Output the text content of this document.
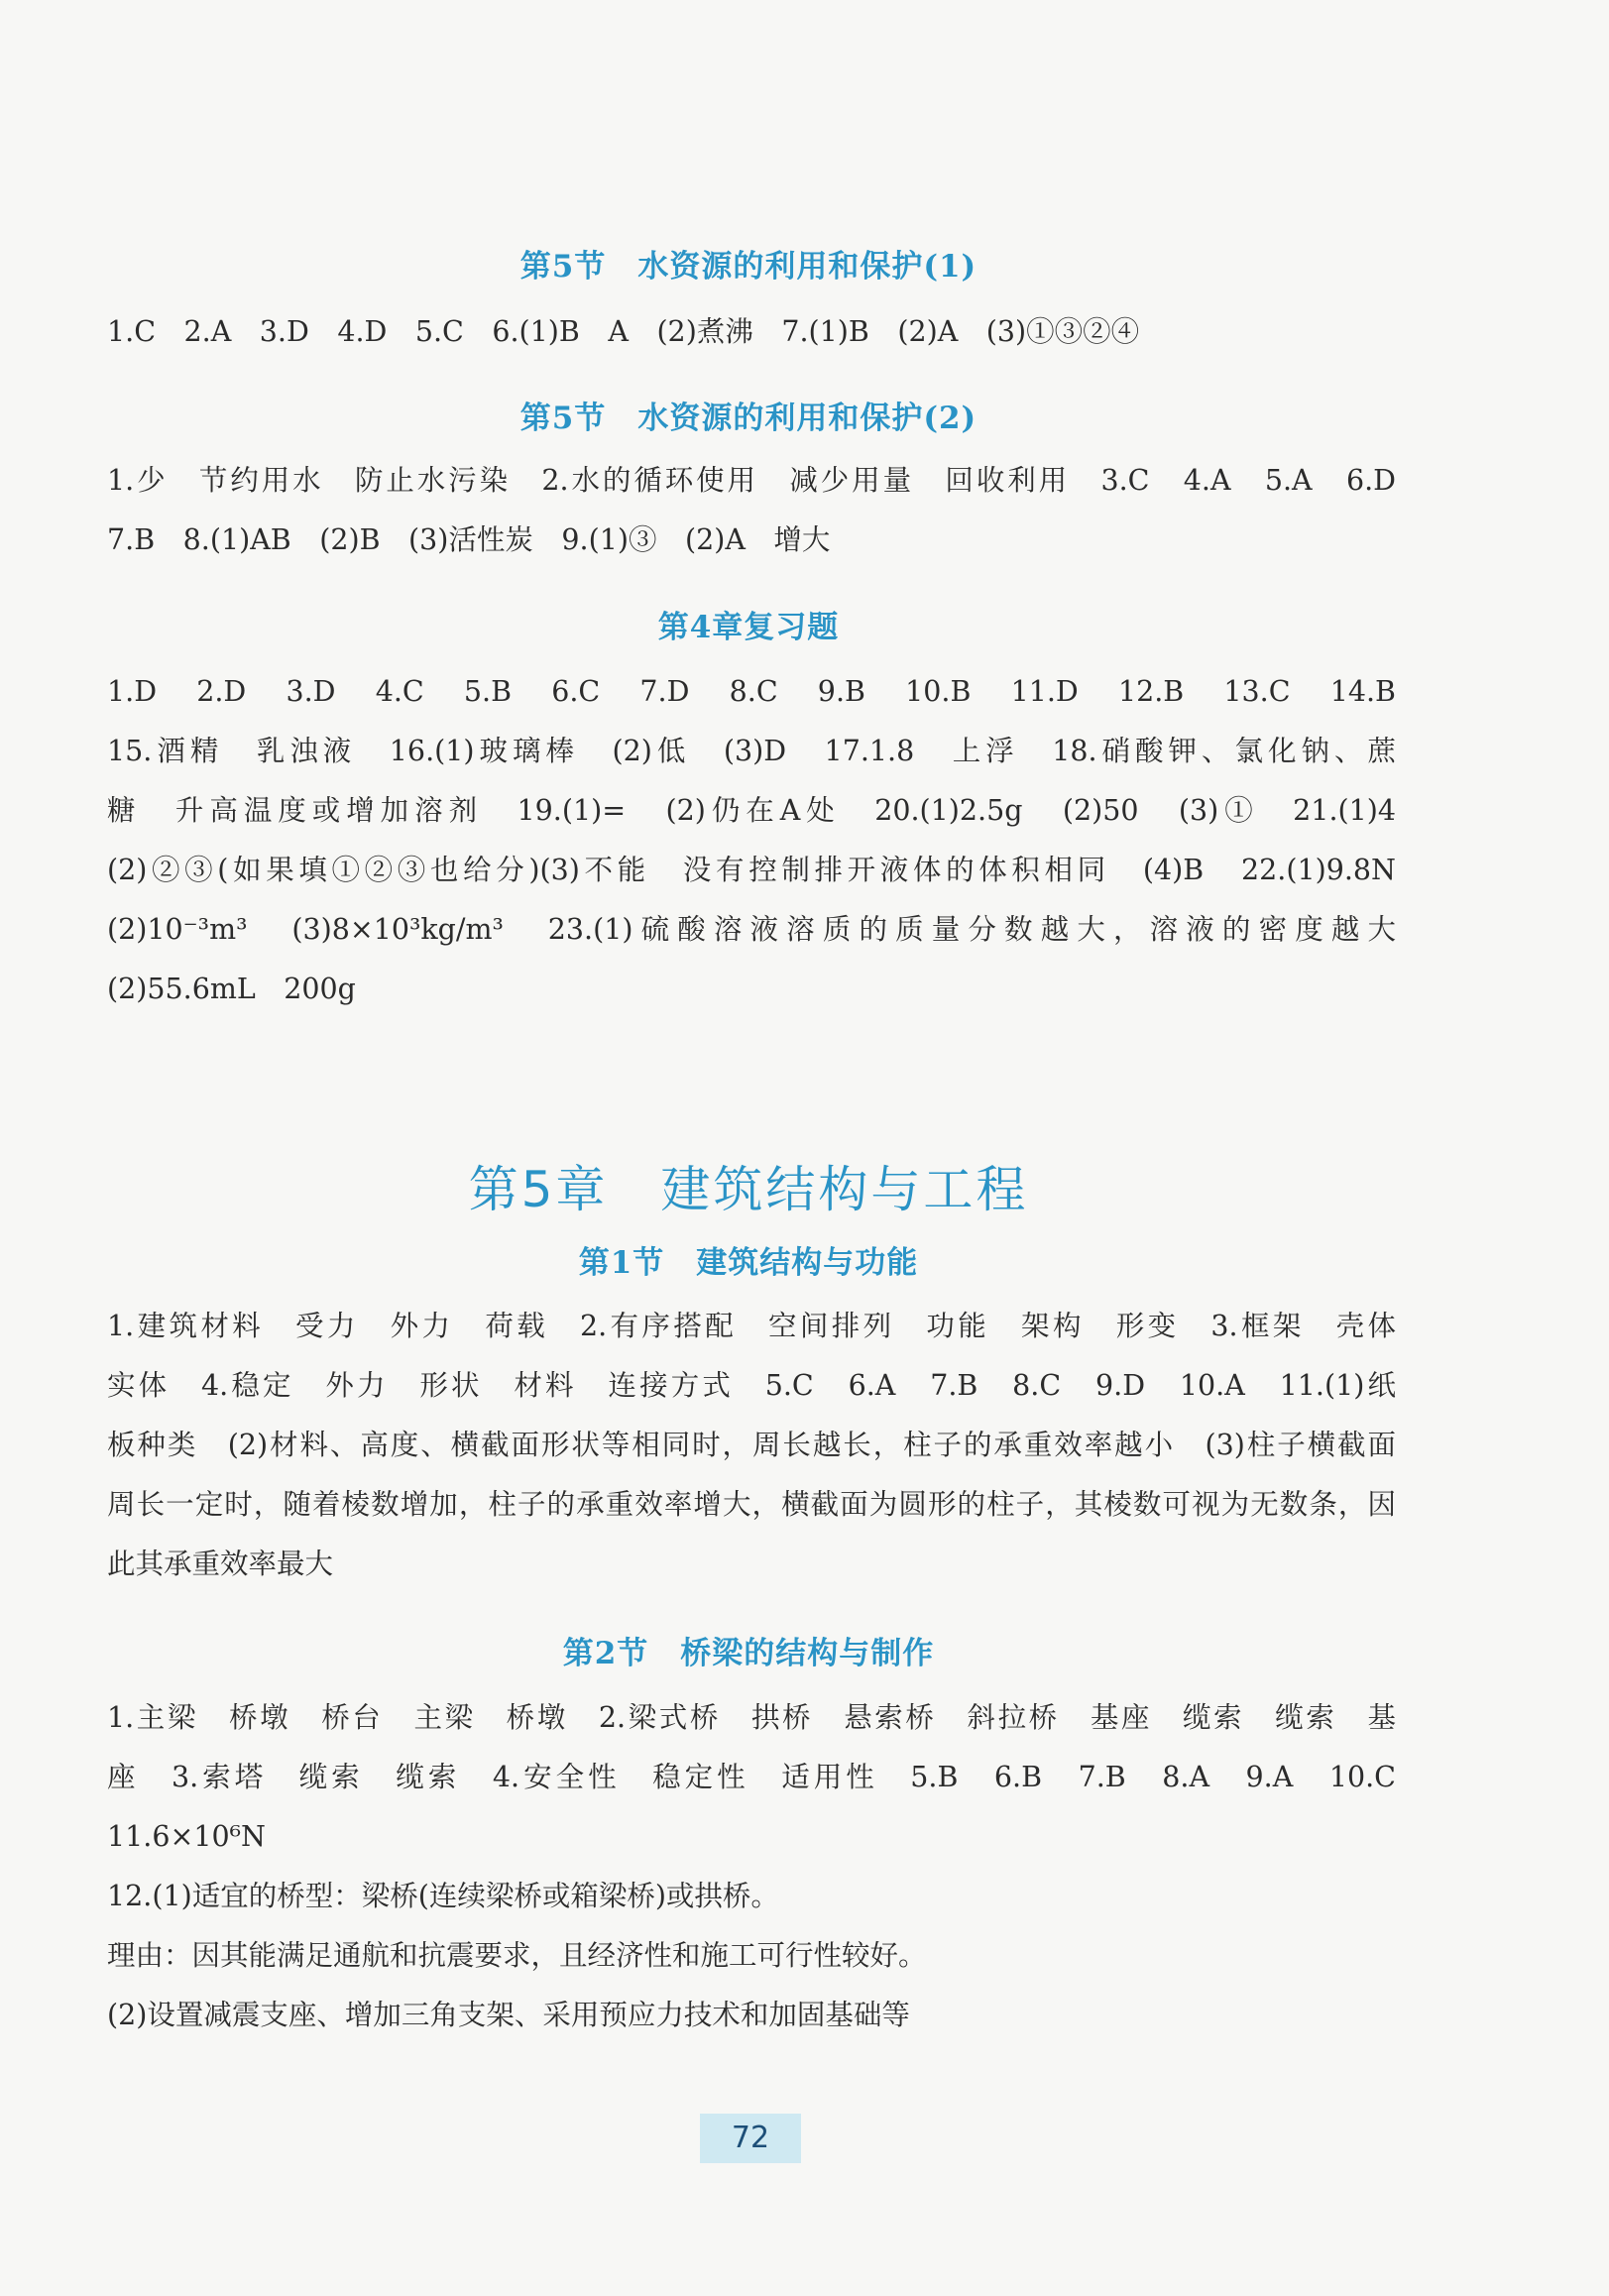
第5节　水资源的利用和保护(1)
1.C　2.A　3.D　4.D　5.C　6.(1)B　A　(2)煮沸　7.(1)B　(2)A　(3)①③②④
第5节　水资源的利用和保护(2)
1.少　节约用水　防止水污染　2.水的循环使用　减少用量　回收利用　3.C　4.A　5.A　6.D
7.B　8.(1)AB　(2)B　(3)活性炭　9.(1)③　(2)A　增大
第4章复习题
1.D　2.D　3.D　4.C　5.B　6.C　7.D　8.C　9.B　10.B　11.D　12.B　13.C　14.B
15.酒精　乳浊液　16.(1)玻璃棒　(2)低　(3)D　17.1.8　上浮　18.硝酸钾、氯化钠、蔗
糖　升高温度或增加溶剂　19.(1)=　(2)仍在A处　20.(1)2.5g　(2)50　(3)①　21.(1)4
(2)②③(如果填①②③也给分)(3)不能　没有控制排开液体的体积相同　(4)B　22.(1)9.8N
(2)10⁻³m³　(3)8×10³kg/m³　23.(1)硫酸溶液溶质的质量分数越大，溶液的密度越大
(2)55.6mL　200g
第5章　建筑结构与工程
第1节　建筑结构与功能
1.建筑材料　受力　外力　荷载　2.有序搭配　空间排列　功能　架构　形变　3.框架　壳体
实体　4.稳定　外力　形状　材料　连接方式　5.C　6.A　7.B　8.C　9.D　10.A　11.(1)纸
板种类　(2)材料、高度、横截面形状等相同时，周长越长，柱子的承重效率越小　(3)柱子横截面
周长一定时，随着棱数增加，柱子的承重效率增大，横截面为圆形的柱子，其棱数可视为无数条，因
此其承重效率最大
第2节　桥梁的结构与制作
1.主梁　桥墩　桥台　主梁　桥墩　2.梁式桥　拱桥　悬索桥　斜拉桥　基座　缆索　缆索　基
座　3.索塔　缆索　缆索　4.安全性　稳定性　适用性　5.B　6.B　7.B　8.A　9.A　10.C
11.6×10⁶N
12.(1)适宜的桥型：梁桥(连续梁桥或箱梁桥)或拱桥。
理由：因其能满足通航和抗震要求，且经济性和施工可行性较好。
(2)设置减震支座、增加三角支架、采用预应力技术和加固基础等
72
